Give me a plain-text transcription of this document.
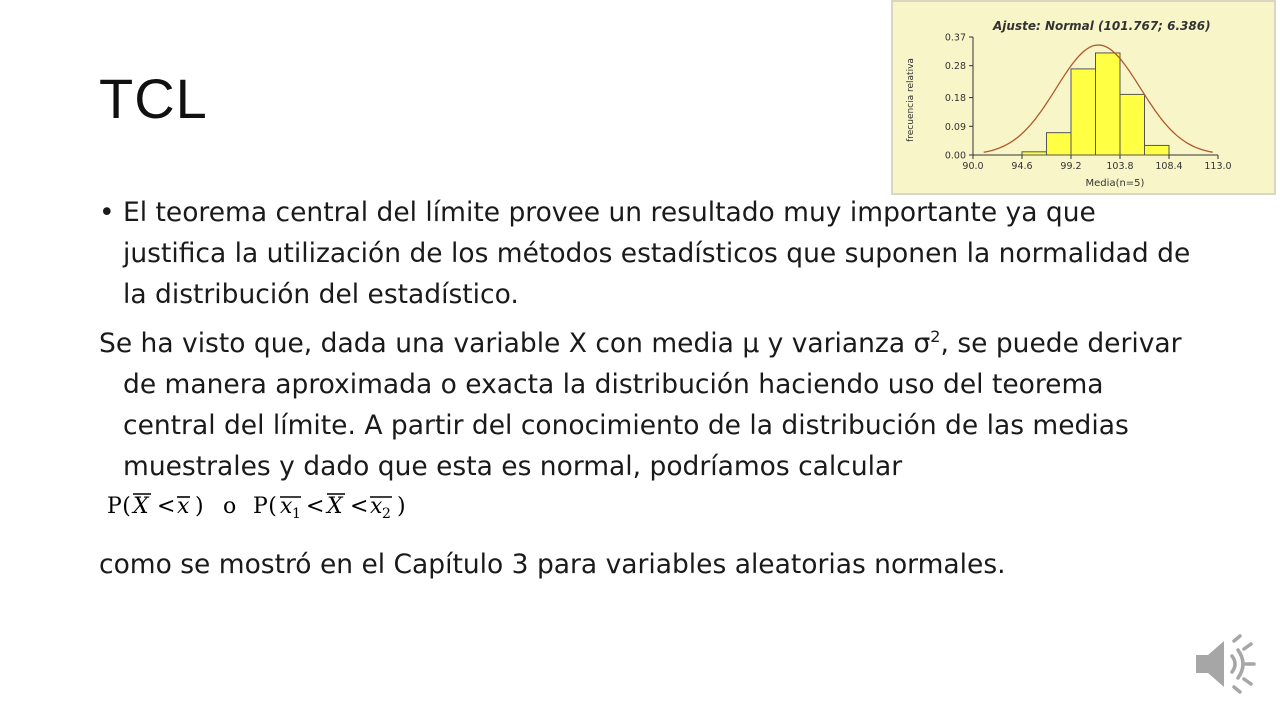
TCL

• El teorema central del límite provee un resultado muy importante ya que justifica la utilización de los métodos estadísticos que suponen la normalidad de la distribución del estadístico.

Se ha visto que, dada una variable X con media µ y varianza $\sigma^2$, se puede derivar de manera aproximada o exacta la distribución haciendo uso del teorema central del límite. A partir del conocimiento de la distribución de las medias muestrales y dado que esta es normal, podríamos calcular
P( X < x ) o P( x 1 < X < x 2 )

como se mostró en el Capítulo 3 para variables aleatorias normales.

Ajuste: Normal (101.767; 6.386)
frecuencia relativa
Media(n=5)
0.00
0.09
0.18
0.28
0.37
90.0	94.6	99.2	103.8 108.4 113.0
